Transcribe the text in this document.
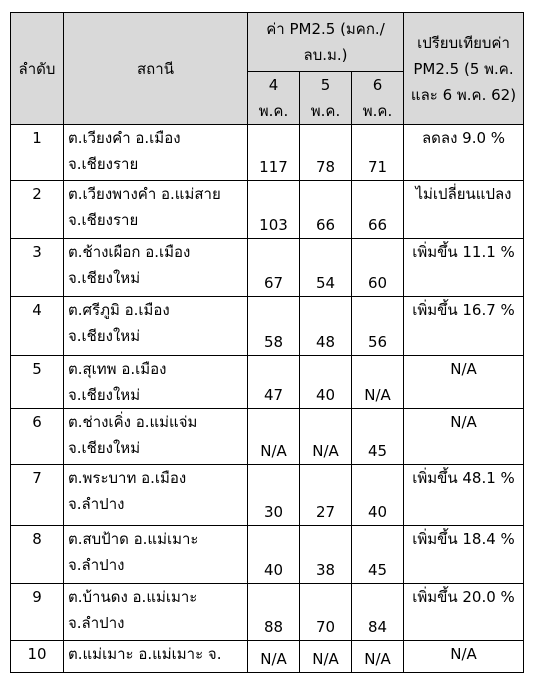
ลำดับ	สถานี	ค่า PM2.5 (มคก./ลบ.ม.)			เปรียบเทียบค่า PM2.5 (5 พ.ค. และ 6 พ.ค. 62)
		4 พ.ค.	5 พ.ค.	6 พ.ค.	
1	ต.เวียงคำ อ.เมือง จ.เชียงราย	117	78	71	ลดลง 9.0 %
2	ต.เวียงพางคำ อ.แม่สาย จ.เชียงราย	103	66	66	ไม่เปลี่ยนแปลง
3	ต.ช้างเผือก อ.เมือง จ.เชียงใหม่	67	54	60	เพิ่มขึ้น 11.1 %
4	ต.ศรีภูมิ อ.เมือง จ.เชียงใหม่	58	48	56	เพิ่มขึ้น 16.7 %
5	ต.สุเทพ อ.เมือง จ.เชียงใหม่	47	40	N/A	N/A
6	ต.ช่างเคิ่ง อ.แม่แจ่ม จ.เชียงใหม่	N/A	N/A	45	N/A
7	ต.พระบาท อ.เมือง จ.ลำปาง	30	27	40	เพิ่มขึ้น 48.1 %
8	ต.สบป้าด อ.แม่เมาะ จ.ลำปาง	40	38	45	เพิ่มขึ้น 18.4 %
9	ต.บ้านดง อ.แม่เมาะ จ.ลำปาง	88	70	84	เพิ่มขึ้น 20.0 %
10	ต.แม่เมาะ อ.แม่เมาะ จ.	N/A	N/A	N/A	N/A
